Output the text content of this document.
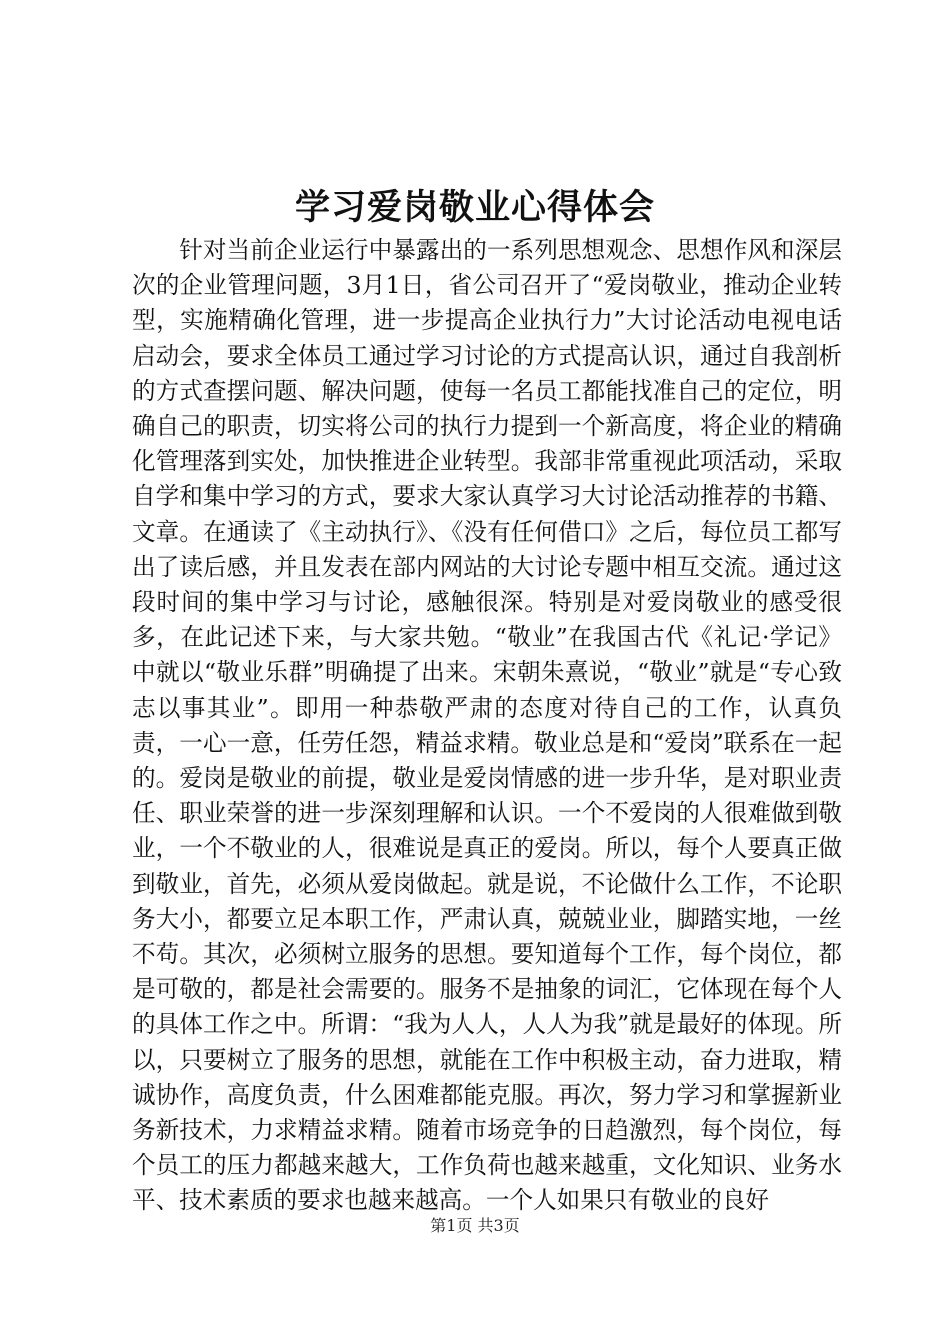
学习爱岗敬业心得体会

针对当前企业运行中暴露出的一系列思想观念、思想作风和深层次的企业管理问题，3月1日，省公司召开了“爱岗敬业，推动企业转型，实施精确化管理，进一步提高企业执行力”大讨论活动电视电话启动会，要求全体员工通过学习讨论的方式提高认识，通过自我剖析的方式查摆问题、解决问题，使每一名员工都能找准自己的定位，明确自己的职责，切实将公司的执行力提到一个新高度，将企业的精确化管理落到实处，加快推进企业转型。我部非常重视此项活动，采取自学和集中学习的方式，要求大家认真学习大讨论活动推荐的书籍、文章。在通读了《主动执行》、《没有任何借口》之后，每位员工都写出了读后感，并且发表在部内网站的大讨论专题中相互交流。通过这段时间的集中学习与讨论，感触很深。特别是对爱岗敬业的感受很多，在此记述下来，与大家共勉。“敬业”在我国古代《礼记·学记》中就以“敬业乐群”明确提了出来。宋朝朱熹说，“敬业”就是“专心致志以事其业”。即用一种恭敬严肃的态度对待自己的工作，认真负责，一心一意，任劳任怨，精益求精。敬业总是和“爱岗”联系在一起的。爱岗是敬业的前提，敬业是爱岗情感的进一步升华，是对职业责任、职业荣誉的进一步深刻理解和认识。一个不爱岗的人很难做到敬业，一个不敬业的人，很难说是真正的爱岗。所以，每个人要真正做到敬业，首先，必须从爱岗做起。就是说，不论做什么工作，不论职务大小，都要立足本职工作，严肃认真，兢兢业业，脚踏实地，一丝不苟。其次，必须树立服务的思想。要知道每个工作，每个岗位，都是可敬的，都是社会需要的。服务不是抽象的词汇，它体现在每个人的具体工作之中。所谓：“我为人人，人人为我”就是最好的体现。所以，只要树立了服务的思想，就能在工作中积极主动，奋力进取，精诚协作，高度负责，什么困难都能克服。再次，努力学习和掌握新业务新技术，力求精益求精。随着市场竞争的日趋激烈，每个岗位，每个员工的压力都越来越大，工作负荷也越来越重，文化知识、业务水平、技术素质的要求也越来越高。一个人如果只有敬业的良好

第1页 共3页
